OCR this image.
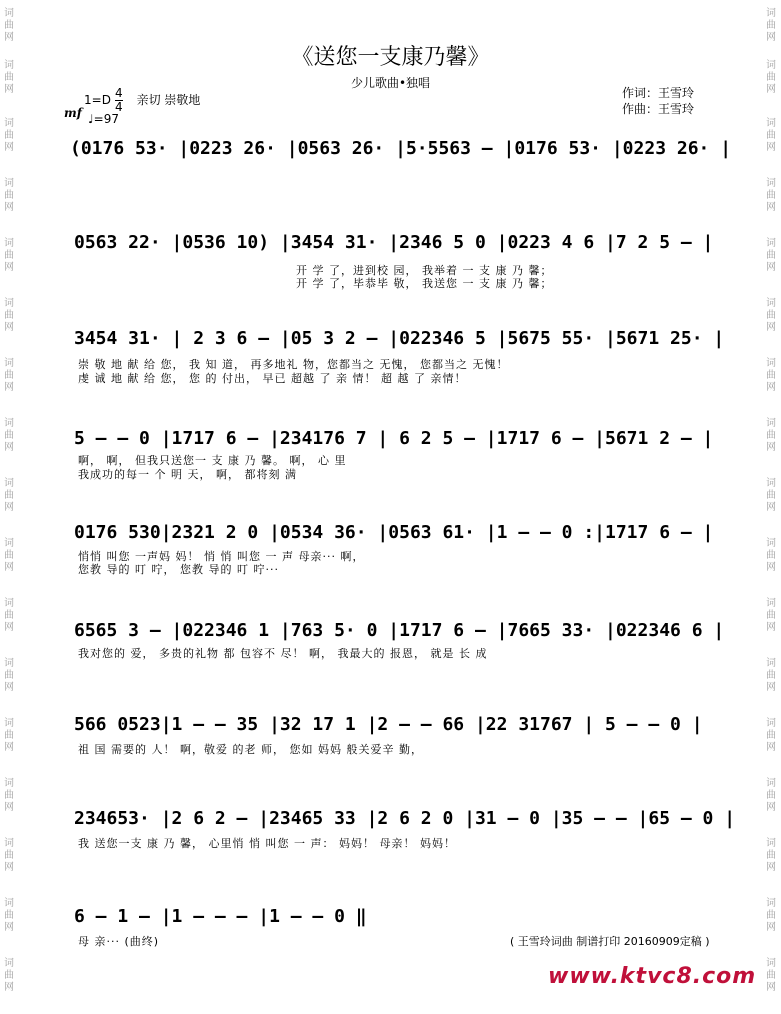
词
曲
网
词
曲
网
词
曲
网
词
曲
网
词
曲
网
词
曲
网
词
曲
网
词
曲
网
词
曲
网
词
曲
网
词
曲
网
词
曲
网
词
曲
网
词
曲
网
词
曲
网
词
曲
网
词
曲
网
词
曲
网
词
曲
网
词
曲
网
词
曲
网
词
曲
网
词
曲
网
词
曲
网
词
曲
网
词
曲
网
词
曲
网
词
曲
网
词
曲
网
词
曲
网
词
曲
网
词
曲
网
词
曲
网
词
曲
网
《送您一支康乃馨》
少儿歌曲•独唱
$1=D \frac{4}{4}$ 亲切 崇敬地	作词：王雪玲
作曲：王雪玲
mf ♩=97
(0176 53· |0223 26· |0563 26· |5·5563 – |0176 53· |0223 26· |
0563 22· |0536 10) |3454 31· |2346 5 0 |0223 4 6 |7 2 5 – |
开 学 了，进到校 园， 我举着 一 支 康 乃 馨；
开 学 了，毕恭毕 敬， 我送您 一 支 康 乃 馨；
3454 31· | 2 3 6 – |05 3 2 – |022346 5 |5675 55· |5671 25· |
崇 敬 地 献 给 您， 我 知 道， 再多地礼 物，您都当之 无愧， 您都当之 无愧！
虔 诚 地 献 给 您， 您 的 付出， 早已 超越 了 亲 情！ 超 越 了 亲情！
5 – – 0 |1717 6 – |234176 7 | 6 2 5 – |1717 6 – |5671 2 – |
啊， 啊， 但我只送您一 支 康 乃 馨。 啊， 心 里
我成功的每一 个 明 天， 啊， 都将刻 满
0176 530|2321 2 0 |0534 36· |0563 61· |1 – – 0 :|1717 6 – |
悄悄 叫您 一声妈 妈！ 悄 悄 叫您 一 声 母亲··· 啊，
您教 导的 叮 咛， 您教 导的 叮 咛···
6565 3 – |022346 1 |763 5· 0 |1717 6 – |7665 33· |022346 6 |
我对您的 爱， 多贵的礼物 都 包容不 尽！ 啊， 我最大的 报恩， 就是 长 成
566 0523|1 – – 35 |32 17 1 |2 – – 66 |22 31767 | 5 – – 0 |
祖 国 需要的 人！ 啊，敬爱 的老 师， 您如 妈妈 般关爱辛 勤，
234653· |2 6 2 – |23465 33 |2 6 2 0 |31 – 0 |35 – – |65 – 0 |
我 送您一支 康 乃 馨， 心里悄 悄 叫您 一 声： 妈妈！ 母亲！ 妈妈！
6 – 1 – |1 – – – |1 – – 0 ‖
母 亲··· (曲终)	( 王雪玲词曲 制谱打印 20160909定稿 )
www.ktvc8.com
